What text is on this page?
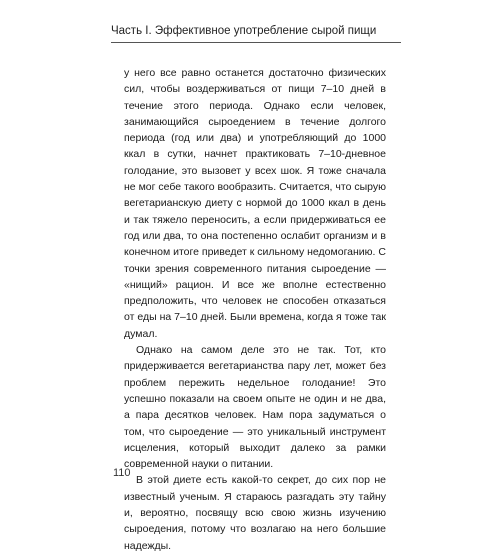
Часть I. Эффективное употребление сырой пищи

у него все равно останется достаточно физических сил, чтобы воздерживаться от пищи 7–10 дней в течение этого периода. Однако если человек, занимающийся сыроедением в течение долгого периода (год или два) и употребляющий до 1000 ккал в сутки, начнет практиковать 7–10-дневное голодание, это вызовет у всех шок. Я тоже сначала не мог себе такого вообразить. Считается, что сырую вегетарианскую диету с нормой до 1000 ккал в день и так тяжело переносить, а если придерживаться ее год или два, то она постепенно ослабит организм и в конечном итоге приведет к сильному недомоганию. С точки зрения современного питания сыроедение — «нищий» рацион. И все же вполне естественно предположить, что человек не способен отказаться от еды на 7–10 дней. Были времена, когда я тоже так думал.

Однако на самом деле это не так. Тот, кто придерживается вегетарианства пару лет, может без проблем пережить недельное голодание! Это успешно показали на своем опыте не один и не два, а пара десятков человек. Нам пора задуматься о том, что сыроедение — это уникальный инструмент исцеления, который выходит далеко за рамки современной науки о питании.

В этой диете есть какой-то секрет, до сих пор не известный ученым. Я стараюсь разгадать эту тайну и, вероятно, посвящу всю свою жизнь изучению сыроедения, потому что возлагаю на него большие надежды.

110
